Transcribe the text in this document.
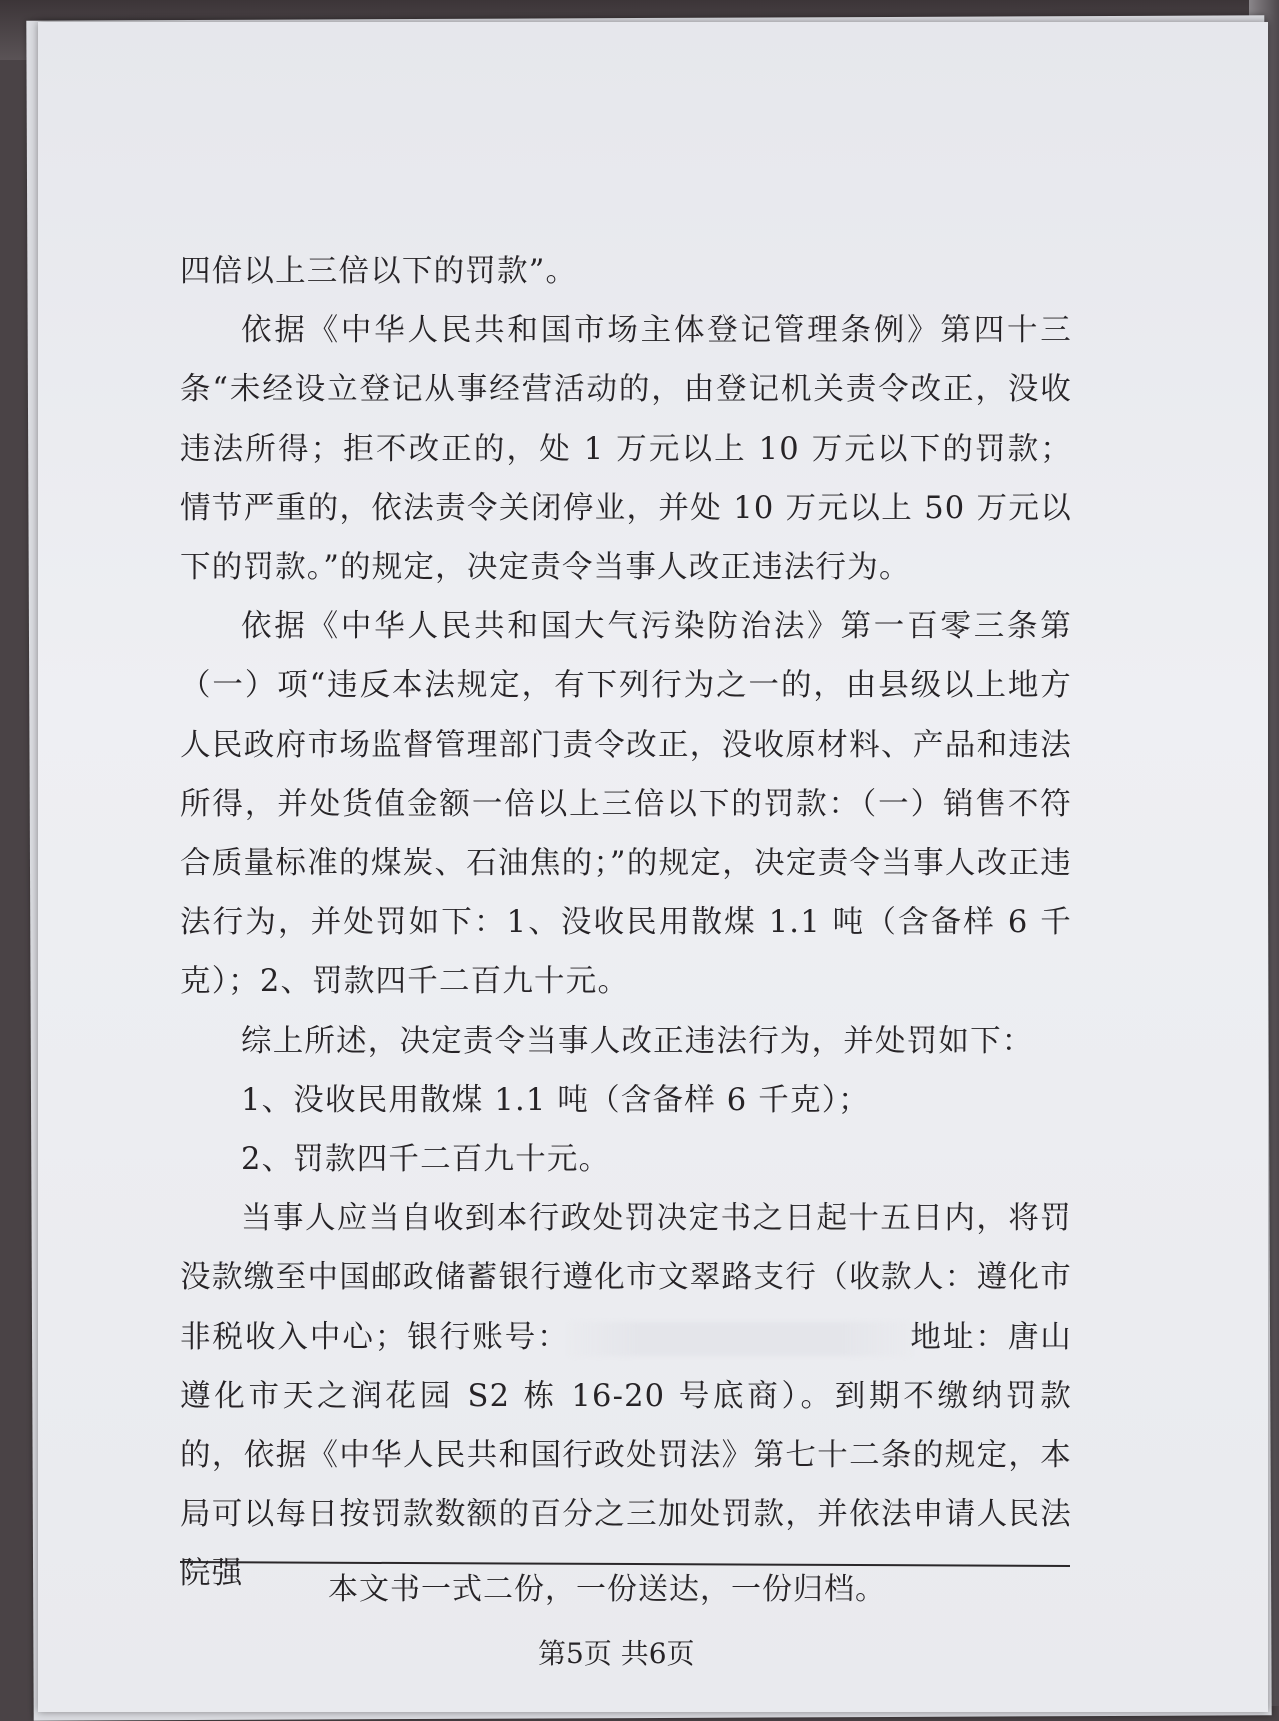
四倍以上三倍以下的罚款”。

依据《中华人民共和国市场主体登记管理条例》第四十三条“未经设立登记从事经营活动的，由登记机关责令改正，没收违法所得；拒不改正的，处 1 万元以上 10 万元以下的罚款；情节严重的，依法责令关闭停业，并处 10 万元以上 50 万元以下的罚款。”的规定，决定责令当事人改正违法行为。

依据《中华人民共和国大气污染防治法》第一百零三条第（一）项“违反本法规定，有下列行为之一的，由县级以上地方人民政府市场监督管理部门责令改正，没收原材料、产品和违法所得，并处货值金额一倍以上三倍以下的罚款：（一）销售不符合质量标准的煤炭、石油焦的；”的规定，决定责令当事人改正违法行为，并处罚如下：1、没收民用散煤 1.1 吨（含备样 6 千克）；2、罚款四千二百九十元。

综上所述，决定责令当事人改正违法行为，并处罚如下：

1、没收民用散煤 1.1 吨（含备样 6 千克）；

2、罚款四千二百九十元。

当事人应当自收到本行政处罚决定书之日起十五日内，将罚没款缴至中国邮政储蓄银行遵化市文翠路支行（收款人：遵化市非税收入中心；银行账号：	地址：唐山遵化市天之润花园 S2 栋 16-20 号底商）。到期不缴纳罚款的，依据《中华人民共和国行政处罚法》第七十二条的规定，本局可以每日按罚款数额的百分之三加处罚款，并依法申请人民法院强	本文书一式二份，一份送达，一份归档。
第5页 共6页
